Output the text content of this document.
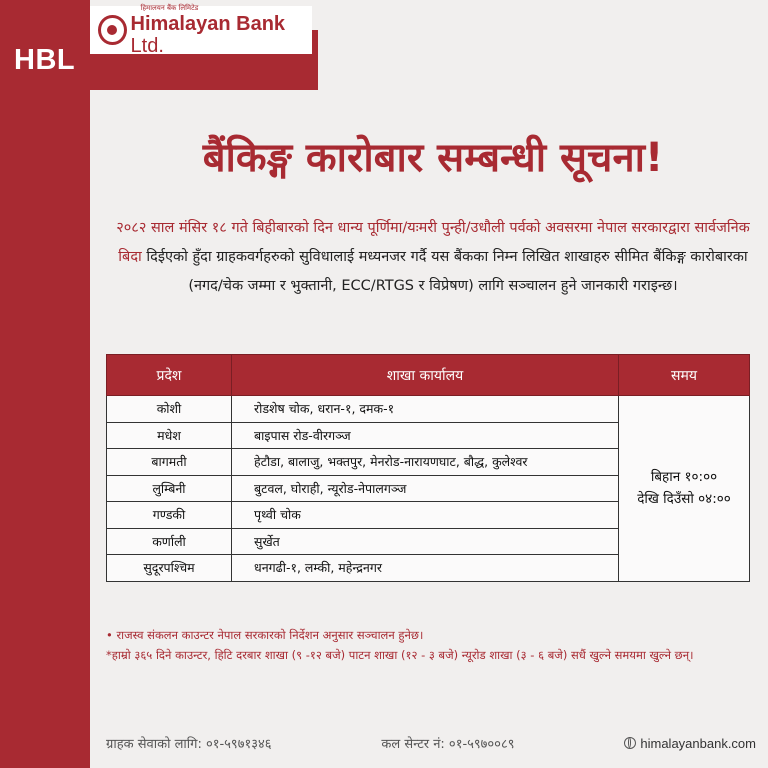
HBL
हिमालयन बैंक लिमिटेड
Himalayan Bank Ltd.
बैंकिङ्ग कारोबार सम्बन्धी सूचना!
२०८२ साल मंसिर १८ गते बिहीबारको दिन धान्य पूर्णिमा/यःमरी पुन्ही/उधौली पर्वको अवसरमा नेपाल सरकारद्वारा सार्वजनिक बिदा दिईएको हुँदा ग्राहकवर्गहरुको सुविधालाई मध्यनजर गर्दै यस बैंकका निम्न लिखित शाखाहरु सीमित बैंकिङ्ग कारोबारका (नगद/चेक जम्मा र भुक्तानी, ECC/RTGS र विप्रेषण) लागि सञ्चालन हुने जानकारी गराइन्छ।
प्रदेश	शाखा कार्यालय	समय
कोशी	रोडशेष चोक, धरान-१, दमक-१	बिहान १०:००
देखि दिउँसो ०४:००

मधेश	बाइपास रोड-वीरगञ्ज	
बागमती	हेटौडा, बालाजु, भक्तपुर, मेनरोड-नारायणघाट, बौद्ध, कुलेश्वर	
लुम्बिनी	बुटवल, घोराही, न्यूरोड-नेपालगञ्ज	
गण्डकी	पृथ्वी चोक	
कर्णाली	सुर्खेत	
सुदूरपश्चिम	धनगढी-१, लम्की, महेन्द्रनगर	

• राजस्व संकलन काउन्टर नेपाल सरकारको निर्देशन अनुसार सञ्चालन हुनेछ।

*हाम्रो ३६५ दिने काउन्टर, हिटि दरबार शाखा (९ -१२ बजे) पाटन शाखा (१२ - ३ बजे) न्यूरोड शाखा (३ - ६ बजे) सधैं खुल्ने समयमा खुल्ने छन्।

ग्राहक सेवाको लागि: ०१-५९७१३४६	कल सेन्टर नं: ०१-५९७००८९	himalayanbank.com
